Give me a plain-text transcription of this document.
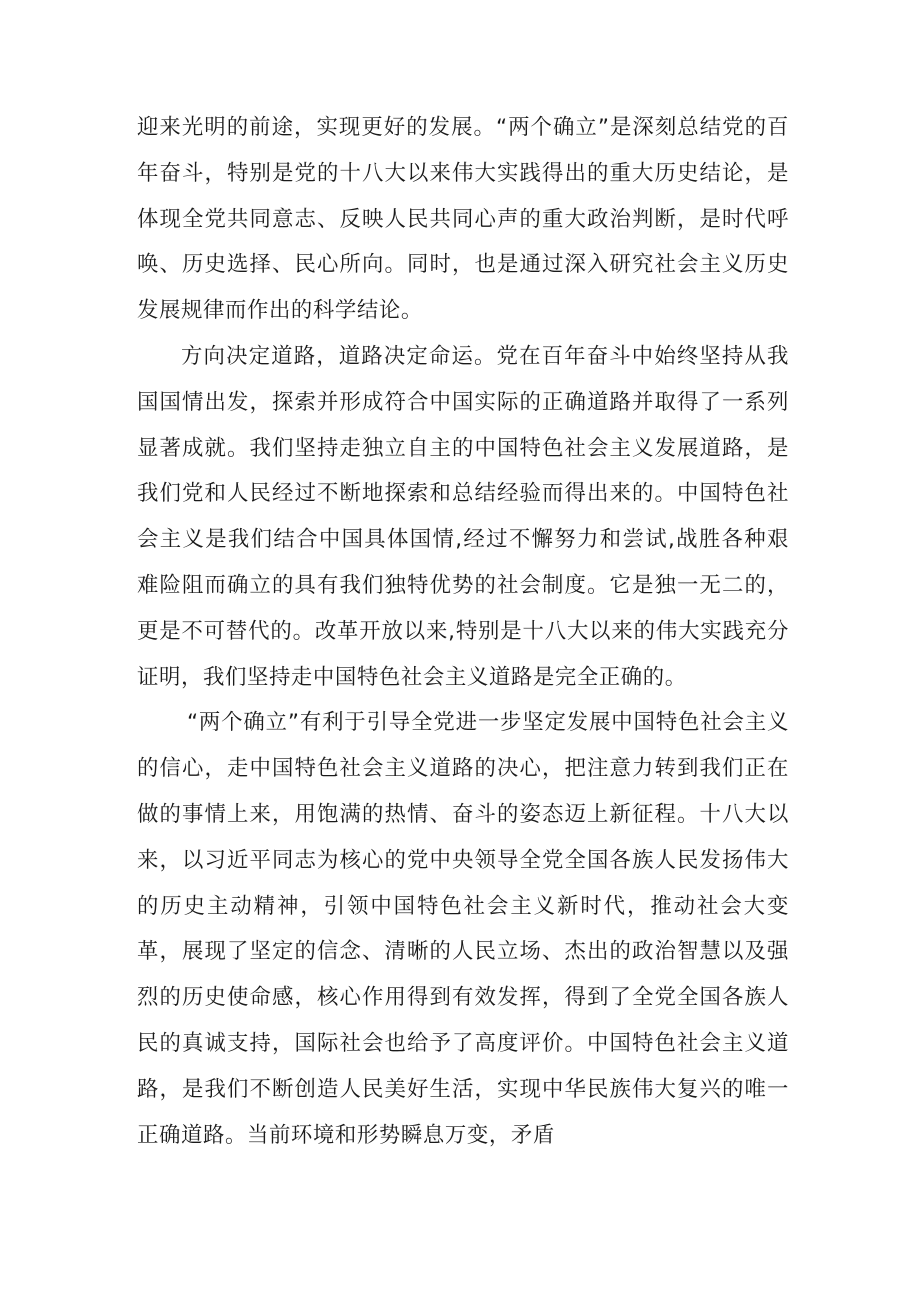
迎来光明的前途，实现更好的发展。“两个确立”是深刻总结党的百年奋斗，特别是党的十八大以来伟大实践得出的重大历史结论，是体现全党共同意志、反映人民共同心声的重大政治判断，是时代呼唤、历史选择、民心所向。同时，也是通过深入研究社会主义历史发展规律而作出的科学结论。

方向决定道路，道路决定命运。党在百年奋斗中始终坚持从我国国情出发，探索并形成符合中国实际的正确道路并取得了一系列显著成就。我们坚持走独立自主的中国特色社会主义发展道路，是我们党和人民经过不断地探索和总结经验而得出来的。中国特色社会主义是我们结合中国具体国情,经过不懈努力和尝试,战胜各种艰难险阻而确立的具有我们独特优势的社会制度。它是独一无二的，更是不可替代的。改革开放以来,特别是十八大以来的伟大实践充分证明，我们坚持走中国特色社会主义道路是完全正确的。

“两个确立”有利于引导全党进一步坚定发展中国特色社会主义的信心，走中国特色社会主义道路的决心，把注意力转到我们正在做的事情上来，用饱满的热情、奋斗的姿态迈上新征程。十八大以来，以习近平同志为核心的党中央领导全党全国各族人民发扬伟大的历史主动精神，引领中国特色社会主义新时代，推动社会大变革，展现了坚定的信念、清晰的人民立场、杰出的政治智慧以及强烈的历史使命感，核心作用得到有效发挥，得到了全党全国各族人民的真诚支持，国际社会也给予了高度评价。中国特色社会主义道路，是我们不断创造人民美好生活，实现中华民族伟大复兴的唯一正确道路。当前环境和形势瞬息万变，矛盾
